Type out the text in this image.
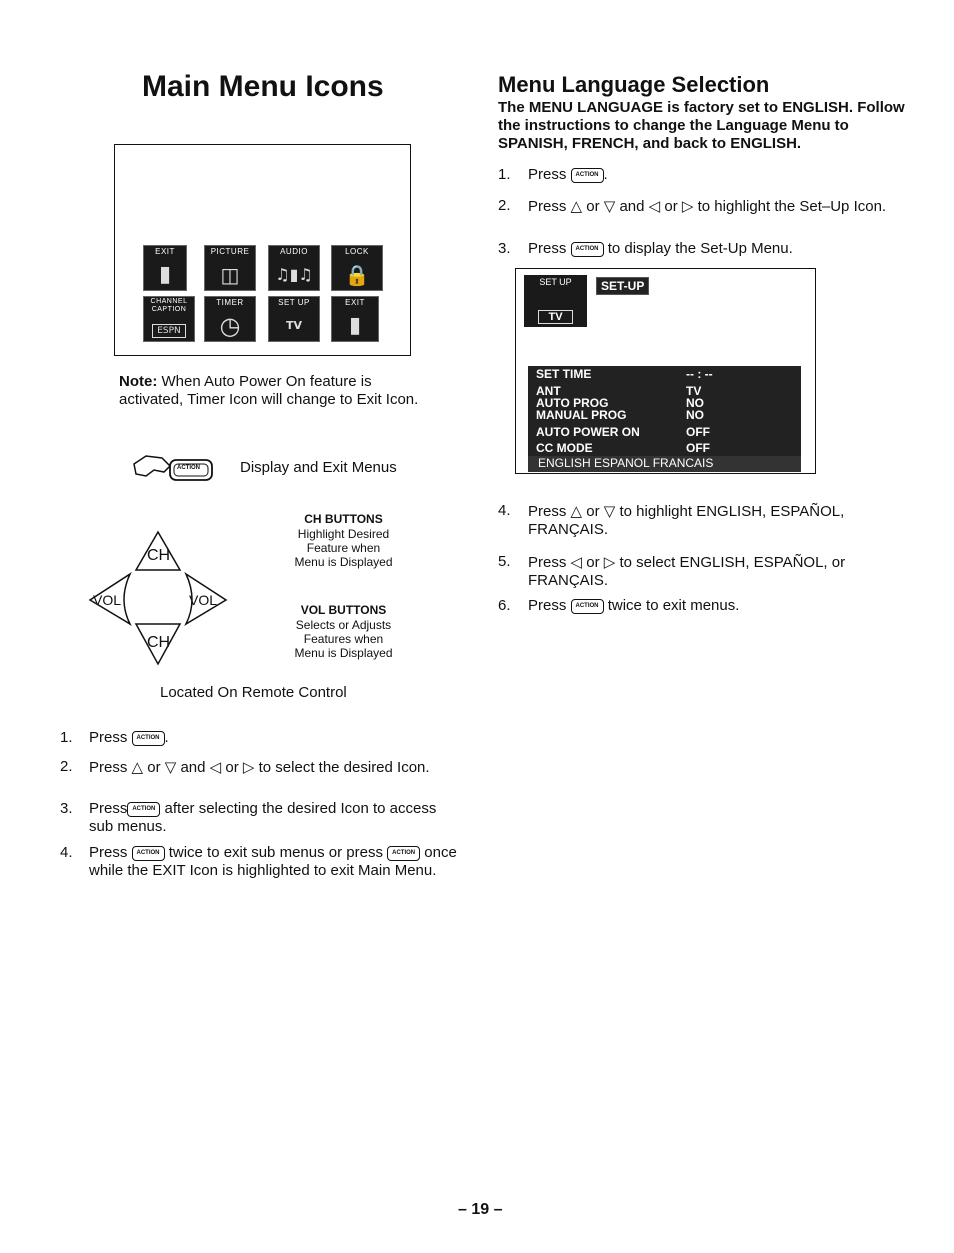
Main Menu Icons
EXIT
▮
PICTURE
◫
AUDIO
♫▮♫
LOCK
🔒
CHANNEL CAPTION
ESPN
TIMER
◷
SET UP
TV
EXIT
▮
Note: When Auto Power On feature is activated, Timer Icon will change to Exit Icon.
ACTION	Display and Exit Menus
CH
CH
VOL	VOL
CH BUTTONS
Highlight Desired
Feature when
Menu is Displayed
VOL BUTTONS
Selects or Adjusts
Features when
Menu is Displayed
Located On Remote Control
1. Press ACTION .
2. Press △ or ▽ and ◁ or ▷ to select the desired Icon.
3. Press ACTION after selecting the desired Icon to access sub menus.
4. Press ACTION twice to exit sub menus or press ACTION once while the EXIT Icon is highlighted to exit Main Menu.
Menu Language Selection
The MENU LANGUAGE is factory set to ENGLISH. Follow the instructions to change the Language Menu to SPANISH, FRENCH, and back to ENGLISH.
1. Press ACTION .
2. Press △ or ▽ and ◁ or ▷ to highlight the Set–Up Icon.
3. Press ACTION to display the Set-Up Menu.
SET UP
TV
SET-UP
SET TIME	-- : --
ANT	TV
AUTO PROG	NO
MANUAL PROG	NO
AUTO POWER ON	OFF
CC MODE	OFF
ENGLISH ESPANOL FRANCAIS
4. Press △ or ▽ to highlight ENGLISH, ESPAÑOL, FRANÇAIS.
5. Press ◁ or ▷ to select ENGLISH, ESPAÑOL, or FRANÇAIS.
6. Press ACTION twice to exit menus.
– 19 –
